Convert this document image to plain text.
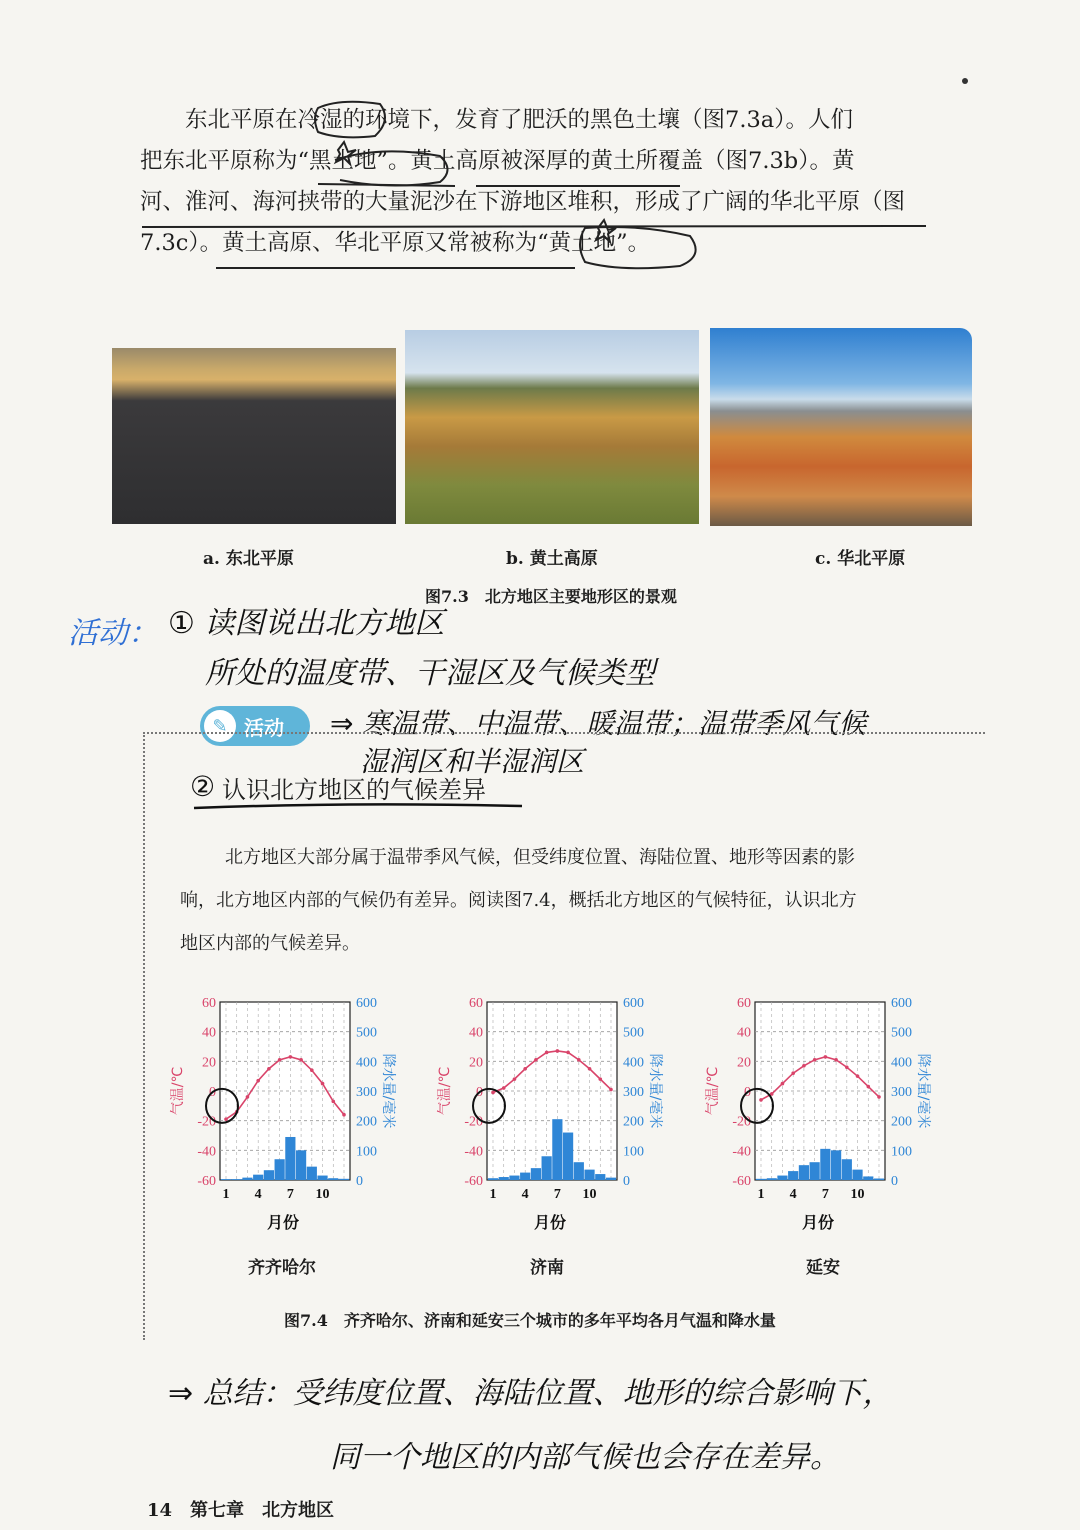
东北平原在冷湿的环境下，发育了肥沃的黑色土壤（图7.3a）。人们
把东北平原称为“黑土地”。黄土高原被深厚的黄土所覆盖（图7.3b）。黄
河、淮河、海河挟带的大量泥沙在下游地区堆积，形成了广阔的华北平原（图
7.3c）。黄土高原、华北平原又常被称为“黄土地”。
a. 东北平原	b. 黄土高原	c. 华北平原
图7.3　北方地区主要地形区的景观
活动： ① 读图说出北方地区
所处的温度带、干湿区及气候类型
✎ 活动 ⇒ 寒温带、中温带、暖温带；温带季风气候
湿润区和半湿润区
② 认识北方地区的气候差异
北方地区大部分属于温带季风气候，但受纬度位置、海陆位置、地形等因素的影
响，北方地区内部的气候仍有差异。阅读图7.4，概括北方地区的气候特征，认识北方
地区内部的气候差异。
60
40
20
0
-20
-40
-60
600
500
400
300
200
100
0
1 4 7 10
气温/℃	降水量/毫米
月份
60
40
20
0
-20
-40
-60
600
500
400
300
200
100
0
1 4 7 10
气温/℃	降水量/毫米
月份
60
40
20
0
-20
-40
-60
600
500
400
300
200
100
0
1 4 7 10
气温/℃	降水量/毫米
月份
齐齐哈尔	济南	延安
图7.4　齐齐哈尔、济南和延安三个城市的多年平均各月气温和降水量
⇒ 总结：受纬度位置、海陆位置、地形的综合影响下，
同一个地区的内部气候也会存在差异。
14　第七章　北方地区
